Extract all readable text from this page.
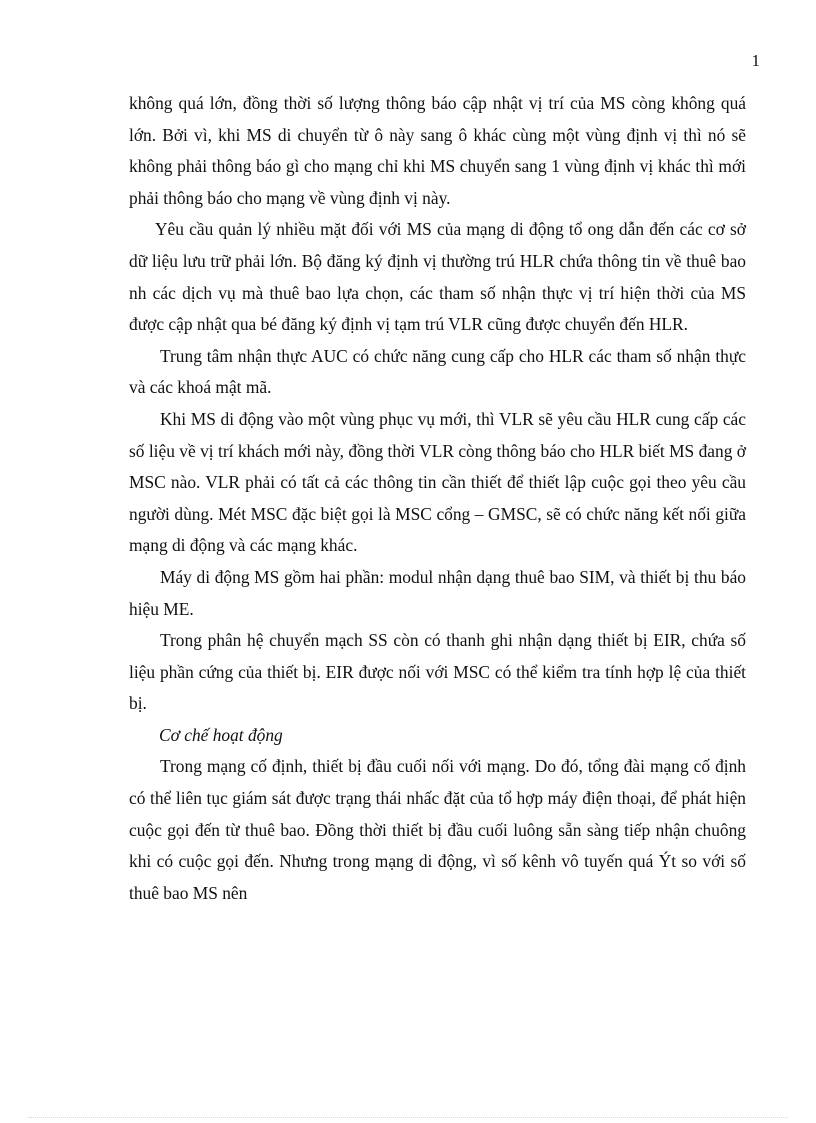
1

không quá lớn, đồng thời số lượng thông báo cập nhật vị trí của MS còng không quá lớn. Bởi vì, khi MS di chuyển từ ô này sang ô khác cùng một vùng định vị thì nó sẽ không phải thông báo gì cho mạng chỉ khi MS chuyển sang 1 vùng định vị khác thì mới phải thông báo cho mạng về vùng định vị này.

Yêu cầu quản lý nhiều mặt đối với MS của mạng di động tổ ong dẫn đến các cơ sở dữ liệu lưu trữ phải lớn. Bộ đăng ký định vị thường trú HLR chứa thông tin về thuê bao nh các dịch vụ mà thuê bao lựa chọn, các tham số nhận thực vị trí hiện thời của MS được cập nhật qua bé đăng ký định vị tạm trú VLR cũng được chuyển đến HLR.

Trung tâm nhận thực AUC có chức năng cung cấp cho HLR các tham số nhận thực và các khoá mật mã.

Khi MS di động vào một vùng phục vụ mới, thì VLR sẽ yêu cầu HLR cung cấp các số liệu về vị trí khách mới này, đồng thời VLR còng thông báo cho HLR biết MS đang ở MSC nào. VLR phải có tất cả các thông tin cần thiết để thiết lập cuộc gọi theo yêu cầu người dùng. Mét MSC đặc biệt gọi là MSC cổng – GMSC, sẽ có chức năng kết nối giữa mạng di động và các mạng khác.

Máy di động MS gồm hai phần: modul nhận dạng thuê bao SIM, và thiết bị thu báo hiệu ME.

Trong phân hệ chuyển mạch SS còn có thanh ghi nhận dạng thiết bị EIR, chứa số liệu phần cứng của thiết bị. EIR được nối với MSC có thể kiểm tra tính hợp lệ của thiết bị.

Cơ chế hoạt động

Trong mạng cố định, thiết bị đầu cuối nối với mạng. Do đó, tổng đài mạng cố định có thể liên tục giám sát được trạng thái nhấc đặt của tổ hợp máy điện thoại, để phát hiện cuộc gọi đến từ thuê bao. Đồng thời thiết bị đầu cuối luông sẵn sàng tiếp nhận chuông khi có cuộc gọi đến. Nhưng trong mạng di động, vì số kênh vô tuyến quá Ýt so với số thuê bao MS nên
